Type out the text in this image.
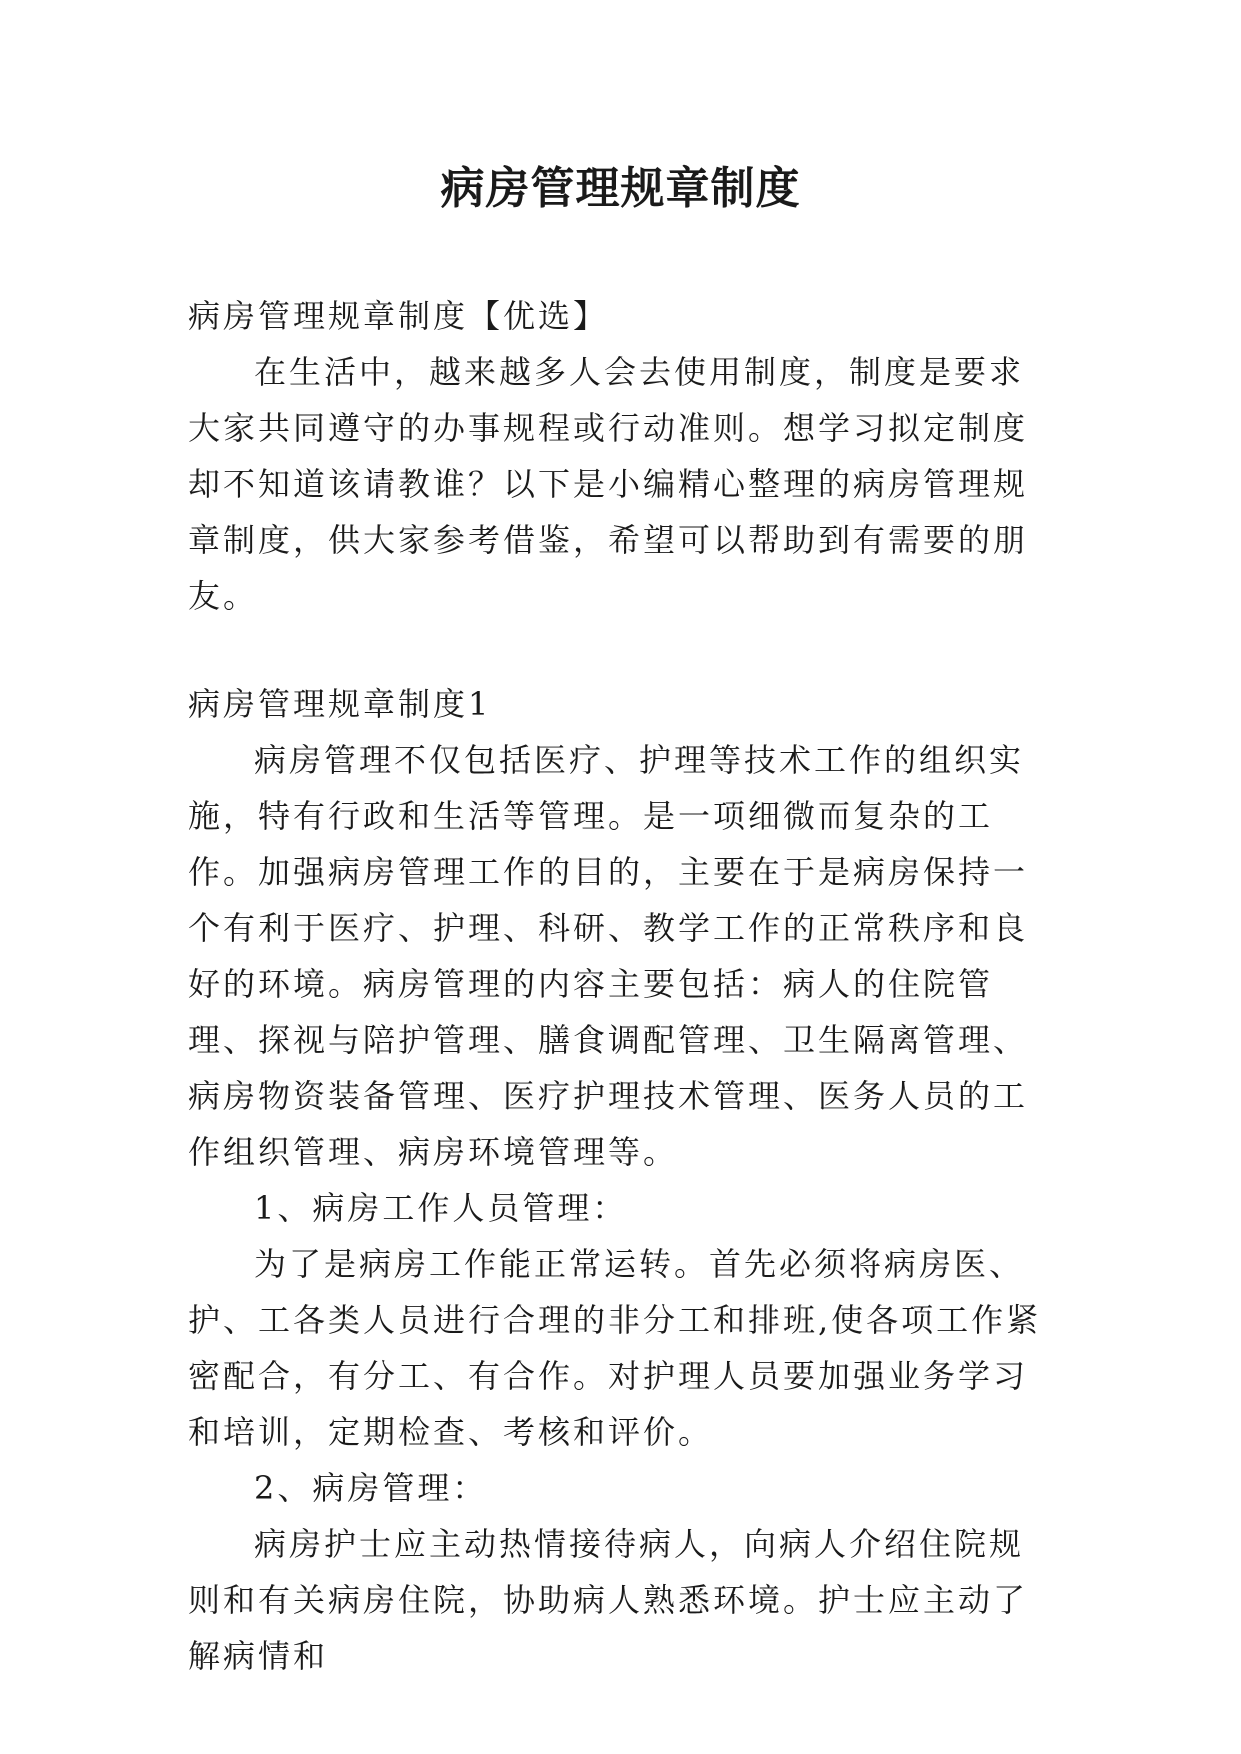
病房管理规章制度

病房管理规章制度【优选】

在生活中，越来越多人会去使用制度，制度是要求大家共同遵守的办事规程或行动准则。想学习拟定制度却不知道该请教谁？以下是小编精心整理的病房管理规章制度，供大家参考借鉴，希望可以帮助到有需要的朋友。

病房管理规章制度1

病房管理不仅包括医疗、护理等技术工作的组织实施，特有行政和生活等管理。是一项细微而复杂的工作。加强病房管理工作的目的，主要在于是病房保持一个有利于医疗、护理、科研、教学工作的正常秩序和良好的环境。病房管理的内容主要包括：病人的住院管理、探视与陪护管理、膳食调配管理、卫生隔离管理、病房物资装备管理、医疗护理技术管理、医务人员的工作组织管理、病房环境管理等。

1、病房工作人员管理：

为了是病房工作能正常运转。首先必须将病房医、护、工各类人员进行合理的非分工和排班,使各项工作紧密配合，有分工、有合作。对护理人员要加强业务学习和培训，定期检查、考核和评价。

2、病房管理：

病房护士应主动热情接待病人，向病人介绍住院规则和有关病房住院，协助病人熟悉环境。护士应主动了解病情和
